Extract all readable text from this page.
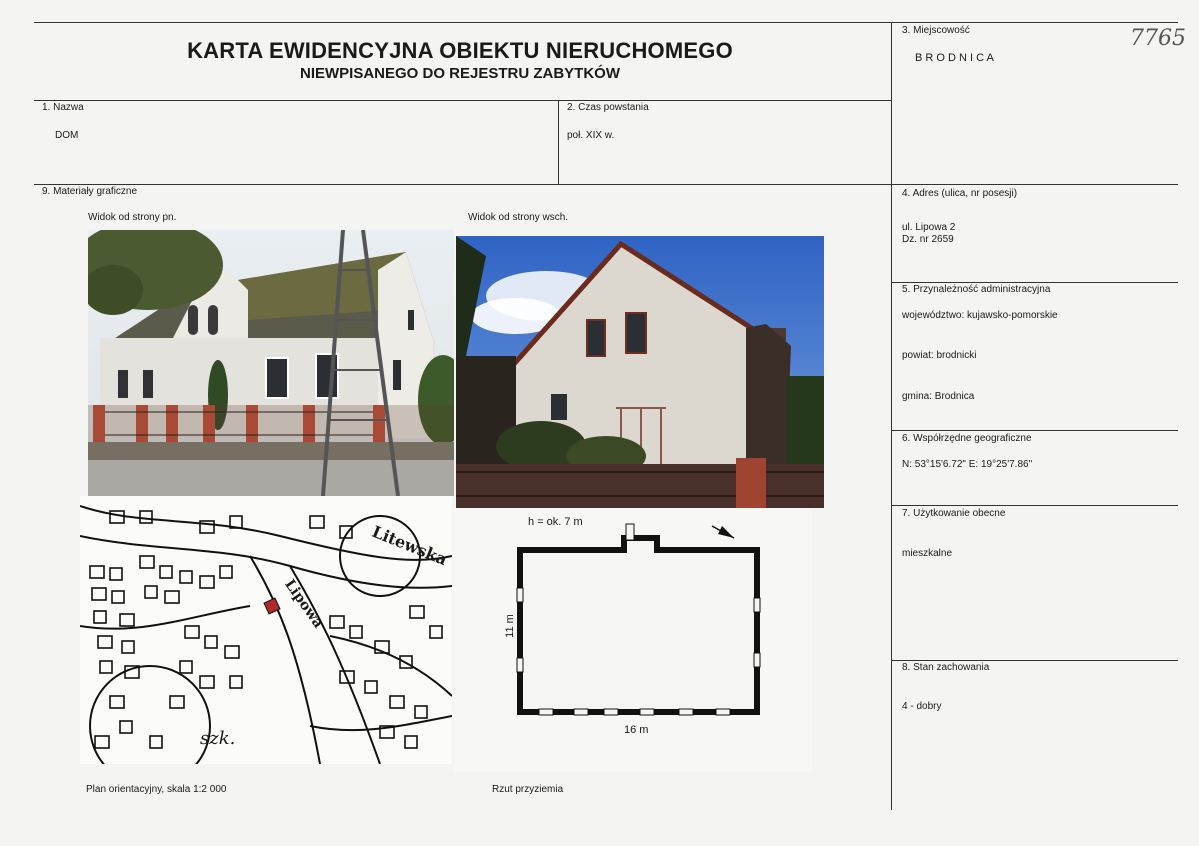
KARTA EWIDENCYJNA OBIEKTU NIERUCHOMEGO
NIEWPISANEGO DO REJESTRU ZABYTKÓW
7765
3. Miejscowość
B R O D N I C A
1. Nazwa
DOM
2. Czas powstania
poł. XIX w.
9. Materiały graficzne	4. Adres (ulica, nr posesji)
ul. Lipowa 2
Dz. nr 2659
5. Przynależność administracyjna
województwo: kujawsko-pomorskie
powiat: brodnicki
gmina: Brodnica
6. Współrzędne geograficzne
N: 53°15'6.72" E: 19°25'7.86"
7. Użytkowanie obecne
mieszkalne
8. Stan zachowania
4 - dobry
Widok od strony pn.	Widok od strony wsch.
Plan orientacyjny, skala 1:2 000	Rzut przyziemia
Litewska
Lipowa
szk.
h = ok. 7 m
16 m
11 m
